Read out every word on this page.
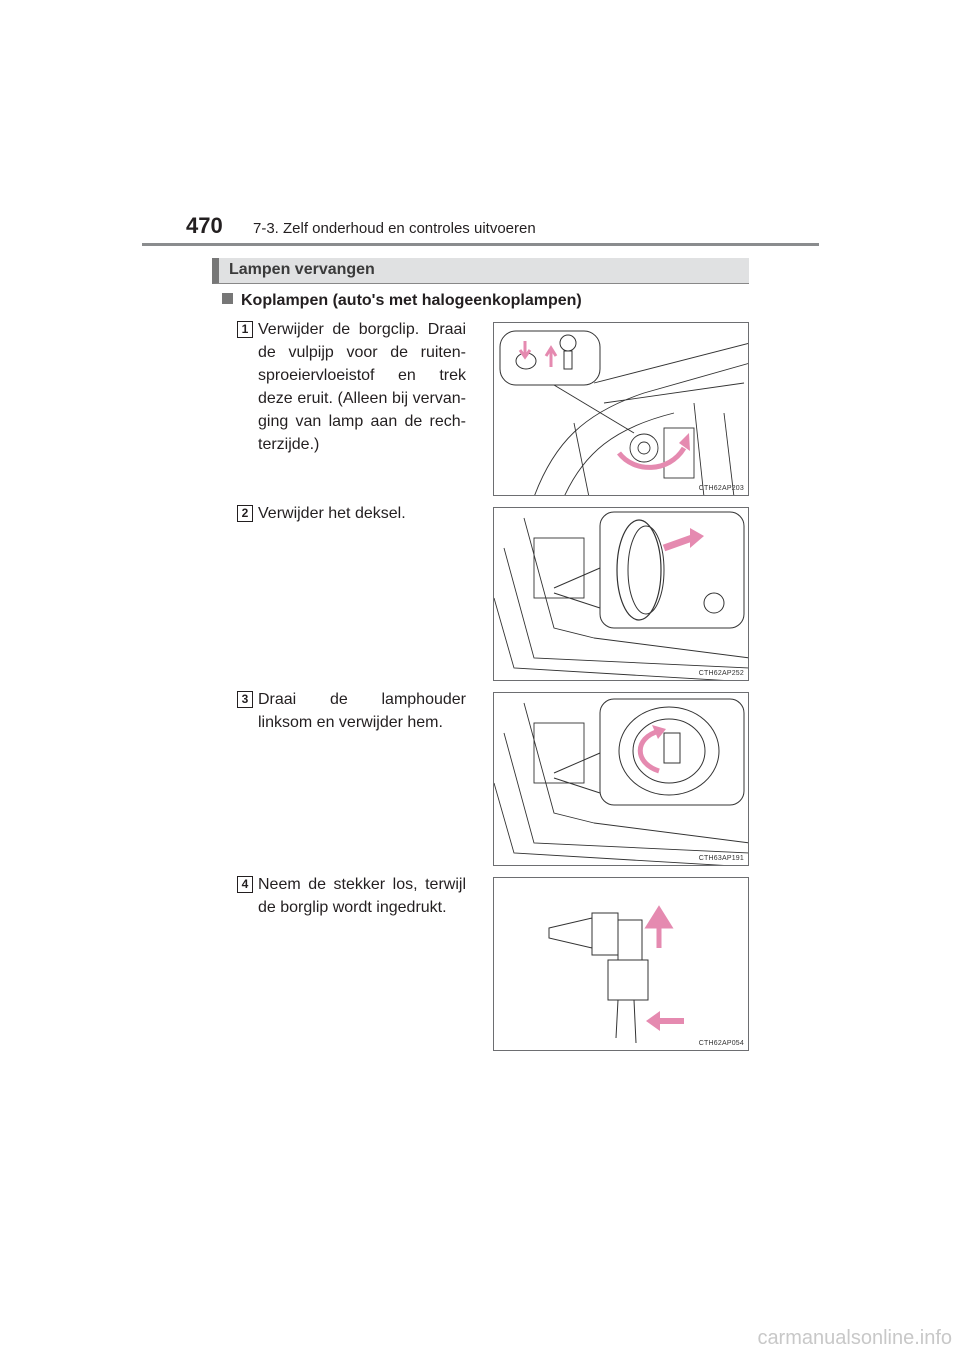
470 7-3. Zelf onderhoud en controles uitvoeren
Lampen vervangen
Koplampen (auto's met halogeenkoplampen)
1 Verwijder de borgclip. Draai de vulpijp voor de ruiten-sproeiervloeistof en trek deze eruit. (Alleen bij vervan-ging van lamp aan de rech-terzijde.)
CTH62AP203
2 Verwijder het deksel.
CTH62AP252
3 Draai de lamphouder linksom en verwijder hem.
CTH63AP191
4 Neem de stekker los, terwijl de borglip wordt ingedrukt.
CTH62AP054
carmanualsonline.info
